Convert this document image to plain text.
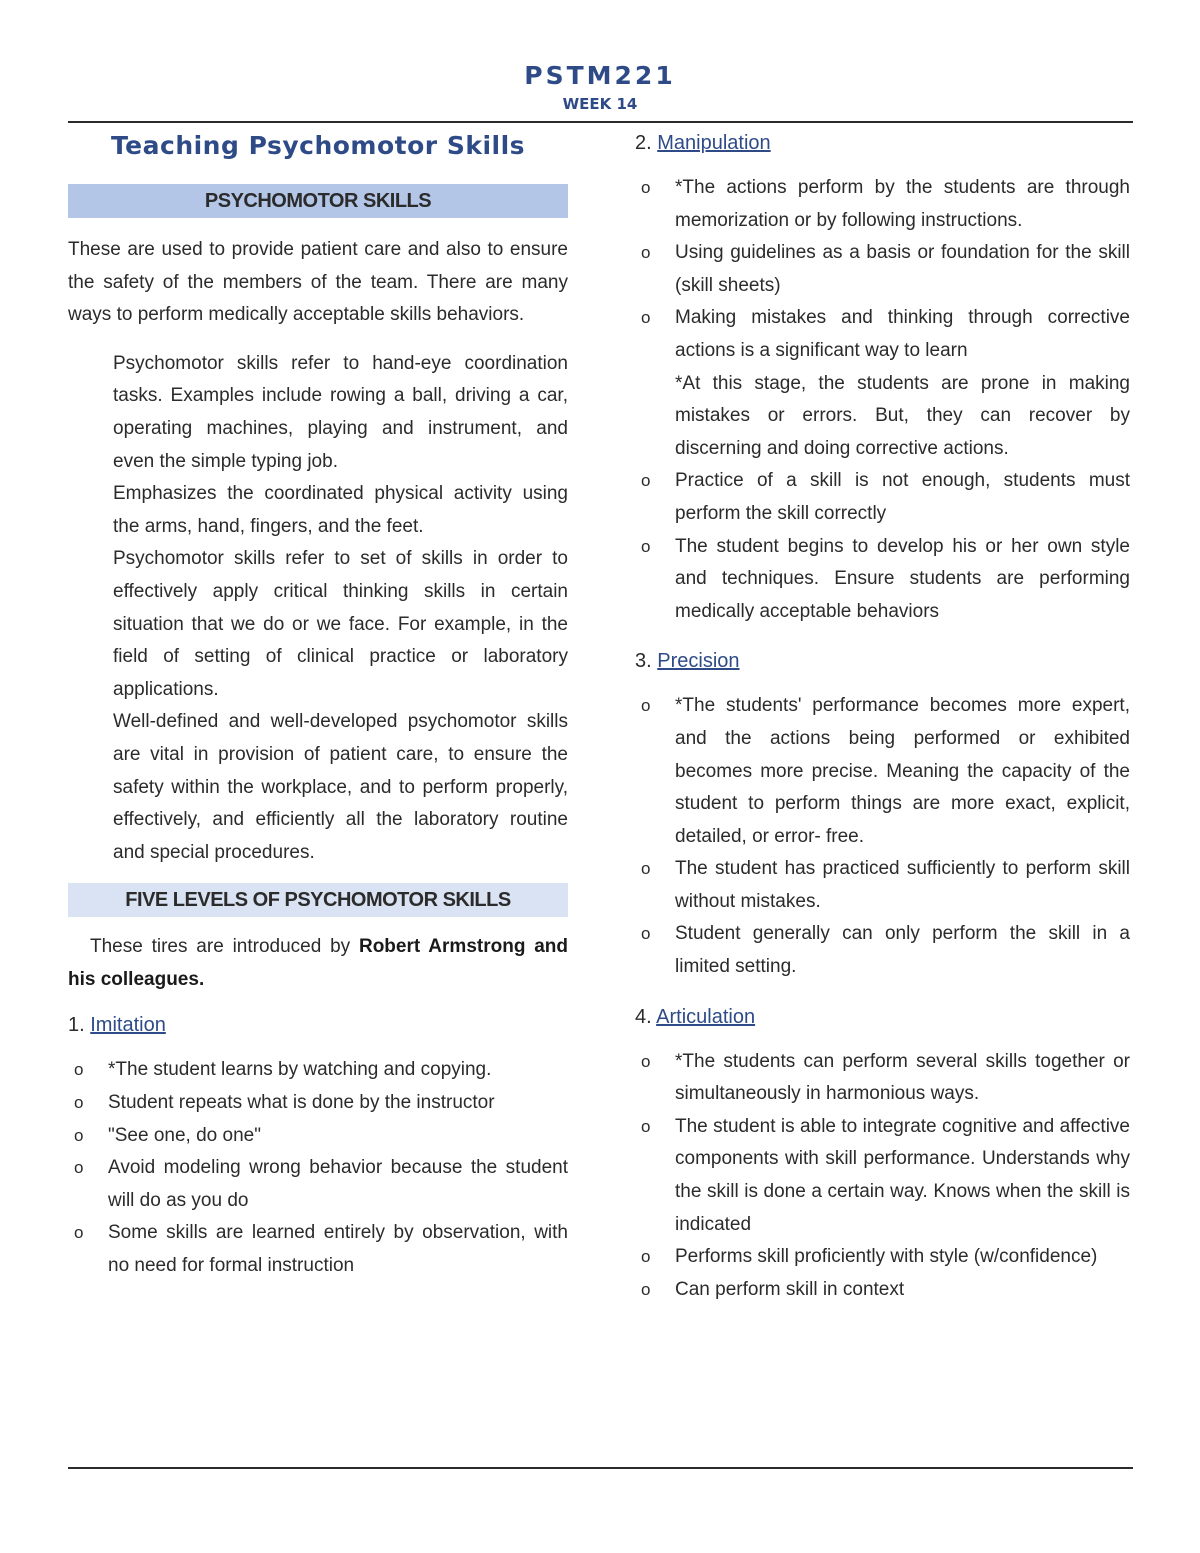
PSTM221
WEEK 14
Teaching Psychomotor Skills
PSYCHOMOTOR SKILLS

These are used to provide patient care and also to ensure the safety of the members of the team. There are many ways to perform medically acceptable skills behaviors.

Psychomotor skills refer to hand-eye coordination tasks. Examples include rowing a ball, driving a car, operating machines, playing and instrument, and even the simple typing job.

Emphasizes the coordinated physical activity using the arms, hand, fingers, and the feet.

Psychomotor skills refer to set of skills in order to effectively apply critical thinking skills in certain situation that we do or we face. For example, in the field of setting of clinical practice or laboratory applications.

Well-defined and well-developed psychomotor skills are vital in provision of patient care, to ensure the safety within the workplace, and to perform properly, effectively, and efficiently all the laboratory routine and special procedures.

FIVE LEVELS OF PSYCHOMOTOR SKILLS

These tires are introduced by Robert Armstrong and his colleagues.

1. Imitation

o *The student learns by watching and copying.
o Student repeats what is done by the instructor
o "See one, do one"
o Avoid modeling wrong behavior because the student will do as you do
o Some skills are learned entirely by observation, with no need for formal instruction

2. Manipulation

o *The actions perform by the students are through memorization or by following instructions.
o Using guidelines as a basis or foundation for the skill (skill sheets)
o Making mistakes and thinking through corrective actions is a significant way to learn
*At this stage, the students are prone in making mistakes or errors. But, they can recover by discerning and doing corrective actions.
o Practice of a skill is not enough, students must perform the skill correctly
o The student begins to develop his or her own style and techniques. Ensure students are performing medically acceptable behaviors

3. Precision

o *The students' performance becomes more expert, and the actions being performed or exhibited becomes more precise. Meaning the capacity of the student to perform things are more exact, explicit, detailed, or error- free.
o The student has practiced sufficiently to perform skill without mistakes.
o Student generally can only perform the skill in a limited setting.

4. Articulation

o *The students can perform several skills together or simultaneously in harmonious ways.
o The student is able to integrate cognitive and affective components with skill performance. Understands why the skill is done a certain way. Knows when the skill is indicated
o Performs skill proficiently with style (w/confidence)
o Can perform skill in context
